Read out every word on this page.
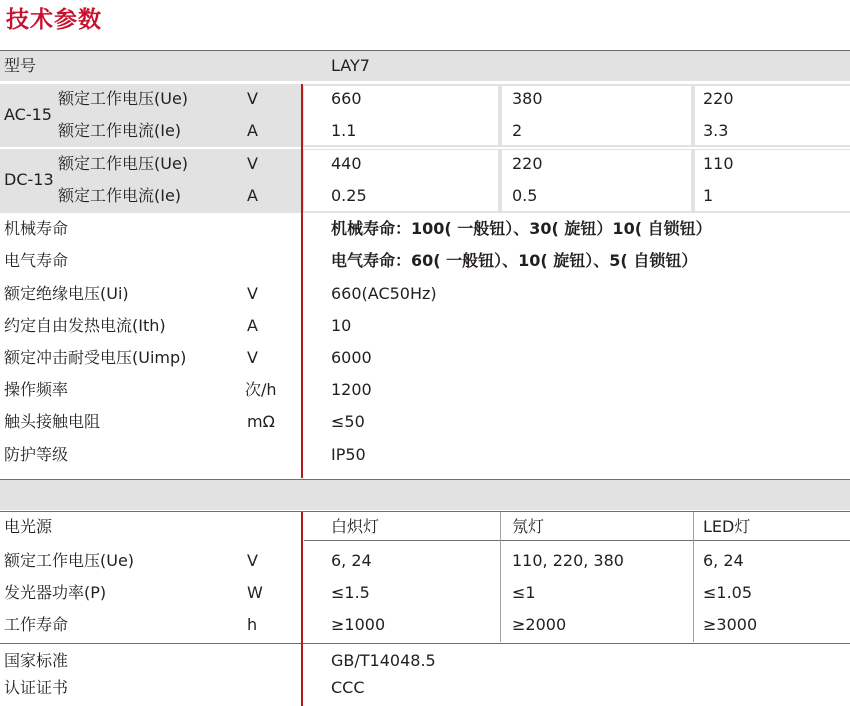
技术参数
型号	LAY7
AC-15
额定工作电压(Ue)	V	660	380	220
额定工作电流(Ie)	A	1.1	2	3.3
DC-13
额定工作电压(Ue)	V	440	220	110
额定工作电流(Ie)	A	0.25	0.5	1
机械寿命	机械寿命：100( 一般钮）、30( 旋钮）10( 自锁钮）
电气寿命	电气寿命：60( 一般钮）、10( 旋钮）、5( 自锁钮）
额定绝缘电压(Ui)	V	660(AC50Hz)
约定自由发热电流(Ith)	A	10
额定冲击耐受电压(Uimp)	V	6000
操作频率	次/h	1200
触头接触电阻	mΩ	≤50
防护等级	IP50
电光源	白炽灯	氖灯	LED灯
额定工作电压(Ue)	V	6, 24	110, 220, 380	6, 24
发光器功率(P)	W	≤1.5	≤1	≤1.05
工作寿命	h	≥1000	≥2000	≥3000
国家标准	GB/T14048.5
认证证书	CCC
